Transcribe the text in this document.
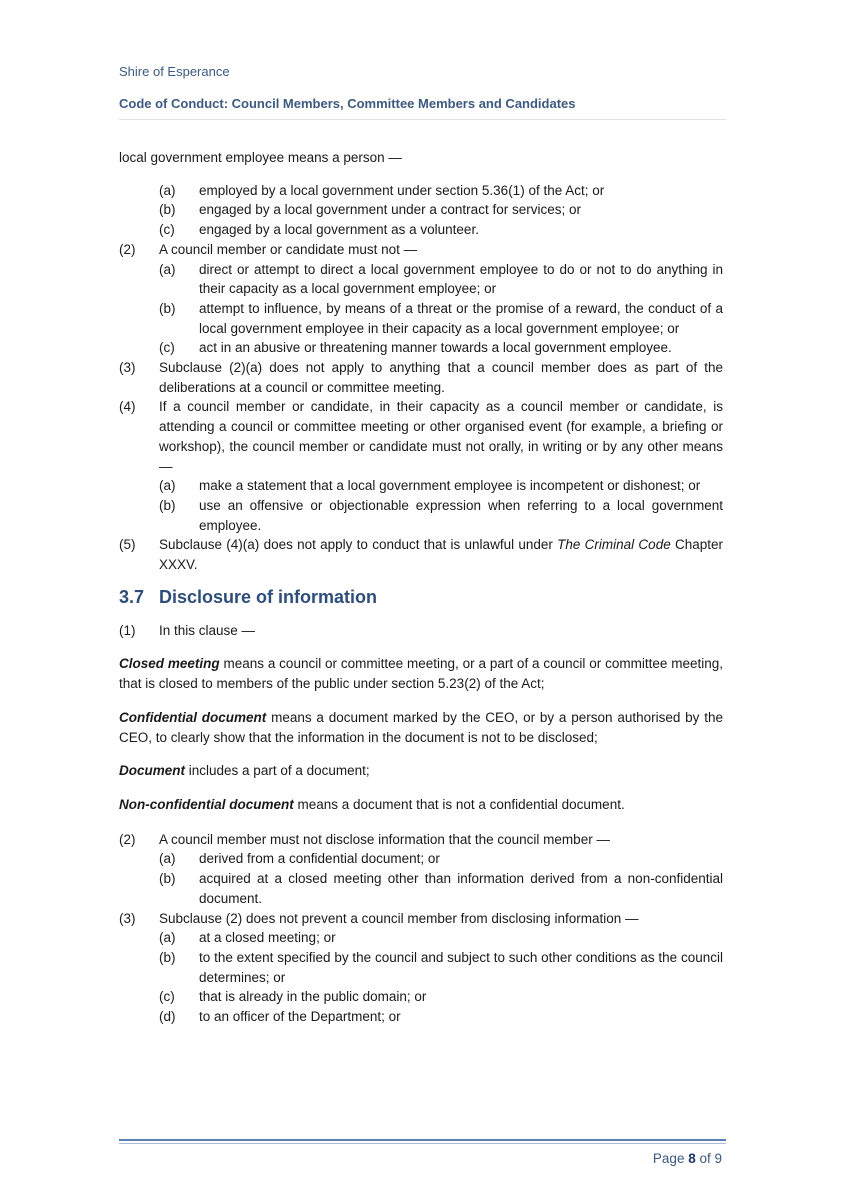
Shire of Esperance
Code of Conduct: Council Members, Committee Members and Candidates

local government employee means a person —

(a)	employed by a local government under section 5.36(1) of the Act; or
(b)	engaged by a local government under a contract for services; or
(c)	engaged by a local government as a volunteer.
(2)	A council member or candidate must not —
(a)	direct or attempt to direct a local government employee to do or not to do anything in their capacity as a local government employee; or
(b)	attempt to influence, by means of a threat or the promise of a reward, the conduct of a local government employee in their capacity as a local government employee; or
(c)	act in an abusive or threatening manner towards a local government employee.
(3)	Subclause (2)(a) does not apply to anything that a council member does as part of the deliberations at a council or committee meeting.
(4)	If a council member or candidate, in their capacity as a council member or candidate, is attending a council or committee meeting or other organised event (for example, a briefing or workshop), the council member or candidate must not orally, in writing or by any other means —
(a)	make a statement that a local government employee is incompetent or dishonest; or
(b)	use an offensive or objectionable expression when referring to a local government employee.
(5)	Subclause (4)(a) does not apply to conduct that is unlawful under The Criminal Code Chapter XXXV.
3.7 Disclosure of information
(1)	In this clause —

Closed meeting means a council or committee meeting, or a part of a council or committee meeting, that is closed to members of the public under section 5.23(2) of the Act;

Confidential document means a document marked by the CEO, or by a person authorised by the CEO, to clearly show that the information in the document is not to be disclosed;

Document includes a part of a document;

Non-confidential document means a document that is not a confidential document.

(2)	A council member must not disclose information that the council member —
(a)	derived from a confidential document; or
(b)	acquired at a closed meeting other than information derived from a non-confidential document.
(3)	Subclause (2) does not prevent a council member from disclosing information —
(a)	at a closed meeting; or
(b)	to the extent specified by the council and subject to such other conditions as the council determines; or
(c)	that is already in the public domain; or
(d)	to an officer of the Department; or
Page 8 of 9
